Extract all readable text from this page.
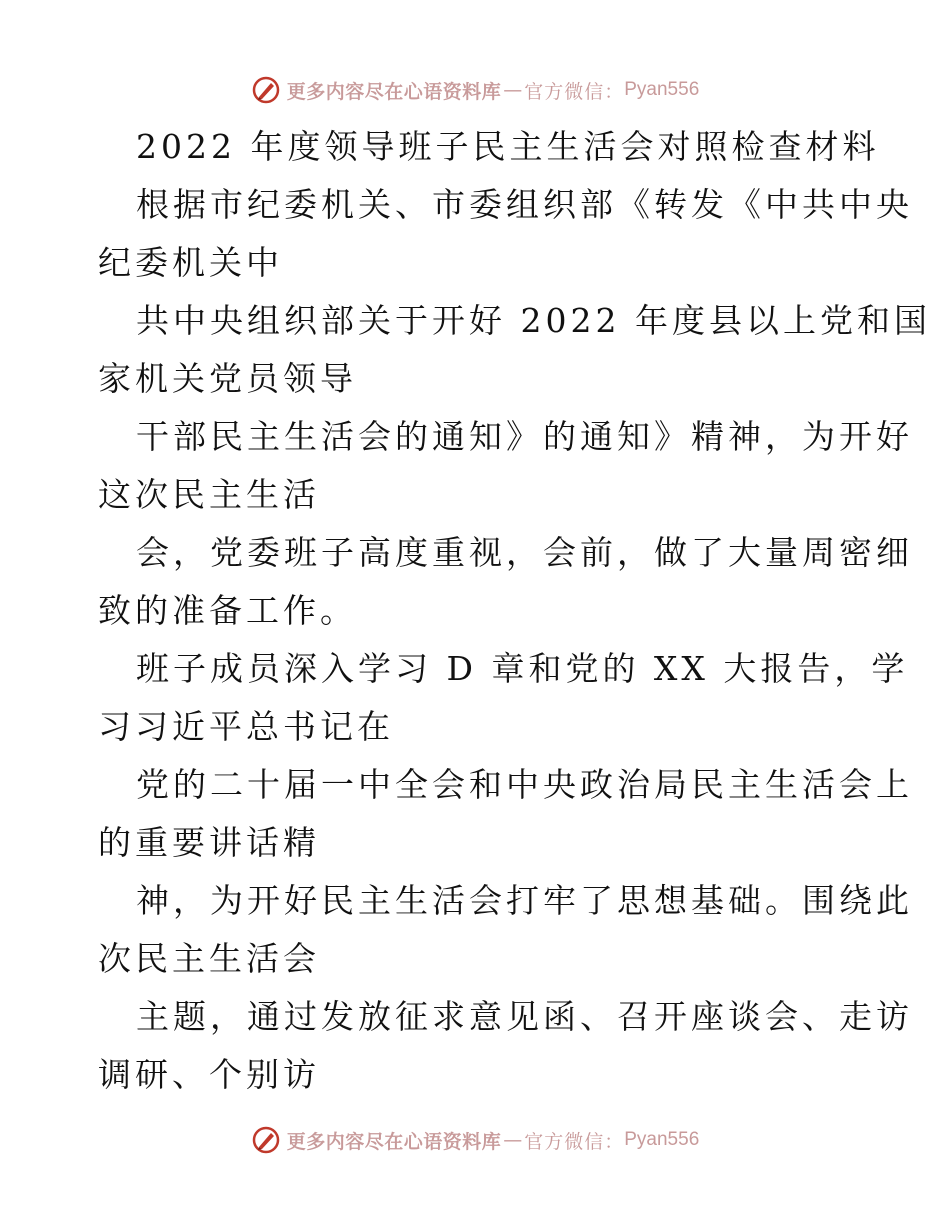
更多内容尽在心语资料库 — 官方微信： Pyan556
2022 年度领导班子民主生活会对照检查材料
根据市纪委机关、市委组织部《转发《中共中央
纪委机关中
共中央组织部关于开好 2022 年度县以上党和国
家机关党员领导
干部民主生活会的通知》的通知》精神，为开好
这次民主生活
会，党委班子高度重视，会前，做了大量周密细
致的准备工作。
班子成员深入学习 D 章和党的 XX 大报告，学
习习近平总书记在
党的二十届一中全会和中央政治局民主生活会上
的重要讲话精
神，为开好民主生活会打牢了思想基础。围绕此
次民主生活会
主题，通过发放征求意见函、召开座谈会、走访
调研、个别访
更多内容尽在心语资料库 — 官方微信： Pyan556
